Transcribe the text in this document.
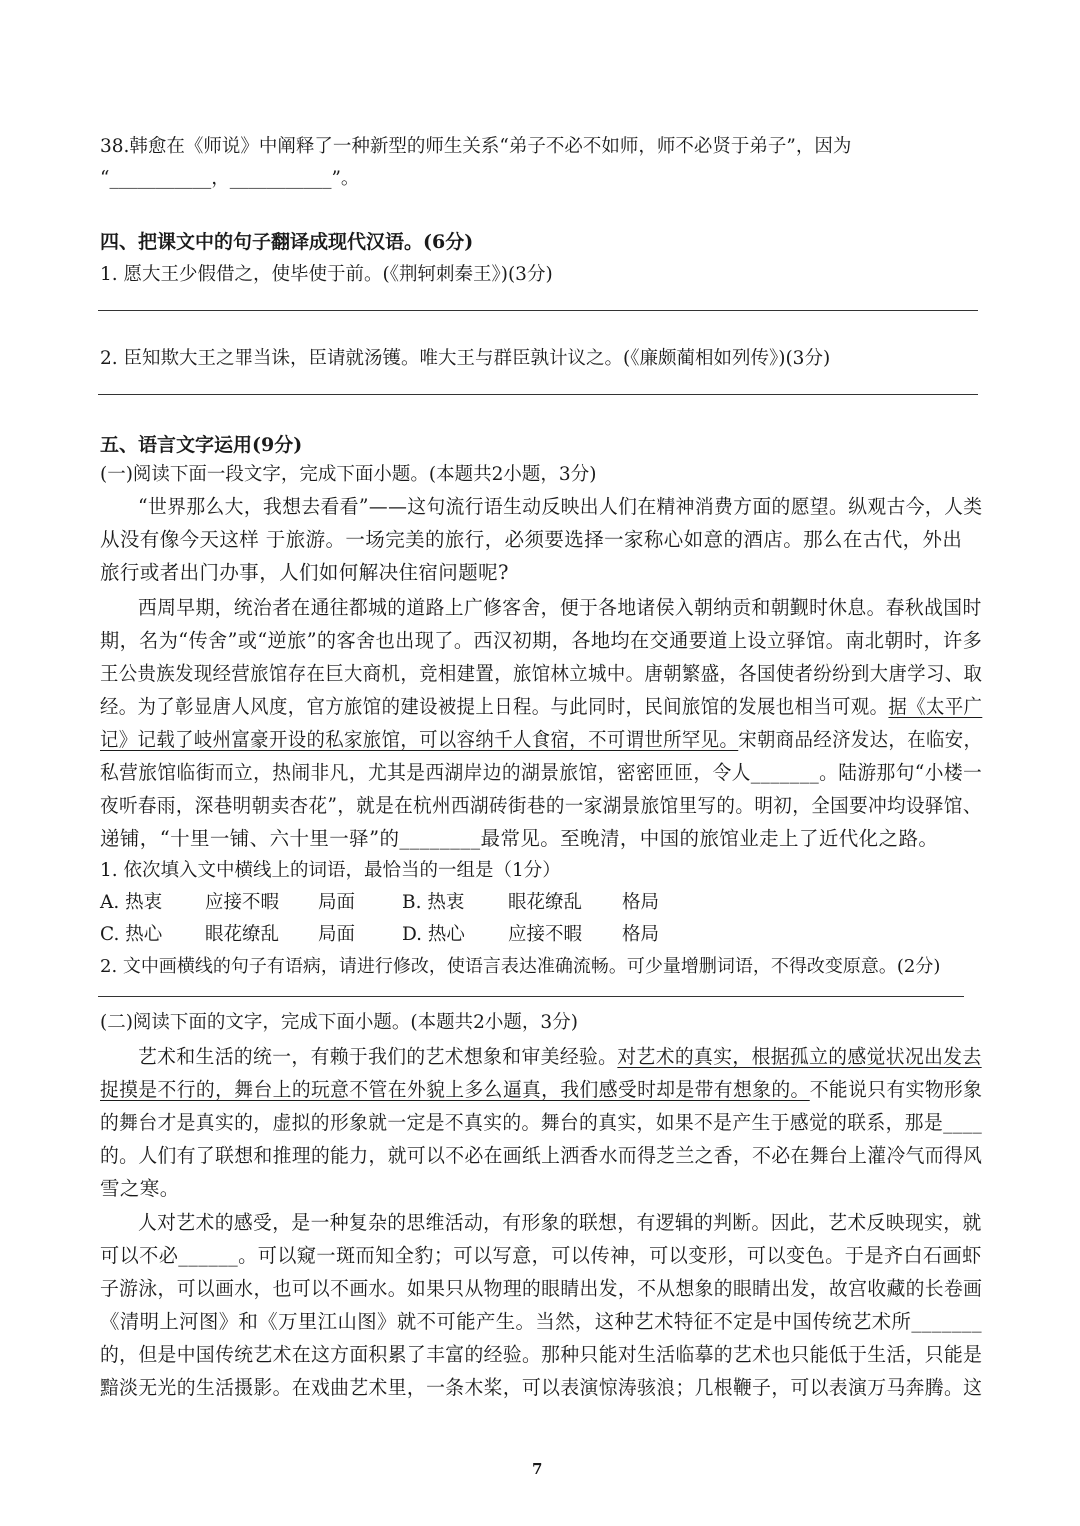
38.韩愈在《师说》中阐释了一种新型的师生关系“弟子不必不如师，师不必贤于弟子”，因为
“___________，___________”。
四、把课文中的句子翻译成现代汉语。(6分)
1. 愿大王少假借之，使毕使于前。(《荆轲刺秦王》)(3分)
2. 臣知欺大王之罪当诛，臣请就汤镬。唯大王与群臣孰计议之。(《廉颇蔺相如列传》)(3分)
五、语言文字运用(9分)
(一)阅读下面一段文字，完成下面小题。(本题共2小题，3分)
“世界那么大，我想去看看”——这句流行语生动反映出人们在精神消费方面的愿望。纵观古今，人类
从没有像今天这样 于旅游。一场完美的旅行，必须要选择一家称心如意的酒店。那么在古代，外出
旅行或者出门办事，人们如何解决住宿问题呢?
西周早期，统治者在通往都城的道路上广修客舍，便于各地诸侯入朝纳贡和朝觐时休息。春秋战国时
期，名为“传舍”或“逆旅”的客舍也出现了。西汉初期，各地均在交通要道上设立驿馆。南北朝时，许多
王公贵族发现经营旅馆存在巨大商机，竞相建置，旅馆林立城中。唐朝繁盛，各国使者纷纷到大唐学习、取
经。为了彰显唐人风度，官方旅馆的建设被提上日程。与此同时，民间旅馆的发展也相当可观。据《太平广
记》记载了岐州富豪开设的私家旅馆，可以容纳千人食宿，不可谓世所罕见。宋朝商品经济发达，在临安，
私营旅馆临街而立，热闹非凡，尤其是西湖岸边的湖景旅馆，密密匝匝，令人_______。陆游那句“小楼一
夜听春雨，深巷明朝卖杏花”，就是在杭州西湖砖街巷的一家湖景旅馆里写的。明初，全国要冲均设驿馆、
递铺，“十里一铺、六十里一驿”的________最常见。至晚清，中国的旅馆业走上了近代化之路。
1. 依次填入文中横线上的词语，最恰当的一组是（1分）
A. 热衷 应接不暇 局面	B. 热衷 眼花缭乱 格局
C. 热心 眼花缭乱 局面	D. 热心 应接不暇 格局
2. 文中画横线的句子有语病，请进行修改，使语言表达准确流畅。可少量增删词语，不得改变原意。(2分)
(二)阅读下面的文字，完成下面小题。(本题共2小题，3分)
艺术和生活的统一，有赖于我们的艺术想象和审美经验。对艺术的真实，根据孤立的感觉状况出发去
捉摸是不行的，舞台上的玩意不管在外貌上多么逼真，我们感受时却是带有想象的。不能说只有实物形象
的舞台才是真实的，虚拟的形象就一定是不真实的。舞台的真实，如果不是产生于感觉的联系，那是____
的。人们有了联想和推理的能力，就可以不必在画纸上洒香水而得芝兰之香，不必在舞台上灌冷气而得风
雪之寒。
人对艺术的感受，是一种复杂的思维活动，有形象的联想，有逻辑的判断。因此，艺术反映现实，就
可以不必______。可以窥一斑而知全豹；可以写意，可以传神，可以变形，可以变色。于是齐白石画虾
子游泳，可以画水，也可以不画水。如果只从物理的眼睛出发，不从想象的眼睛出发，故宫收藏的长卷画
《清明上河图》和《万里江山图》就不可能产生。当然，这种艺术特征不定是中国传统艺术所_______
的，但是中国传统艺术在这方面积累了丰富的经验。那种只能对生活临摹的艺术也只能低于生活，只能是
黯淡无光的生活摄影。在戏曲艺术里，一条木桨，可以表演惊涛骇浪；几根鞭子，可以表演万马奔腾。这
7
